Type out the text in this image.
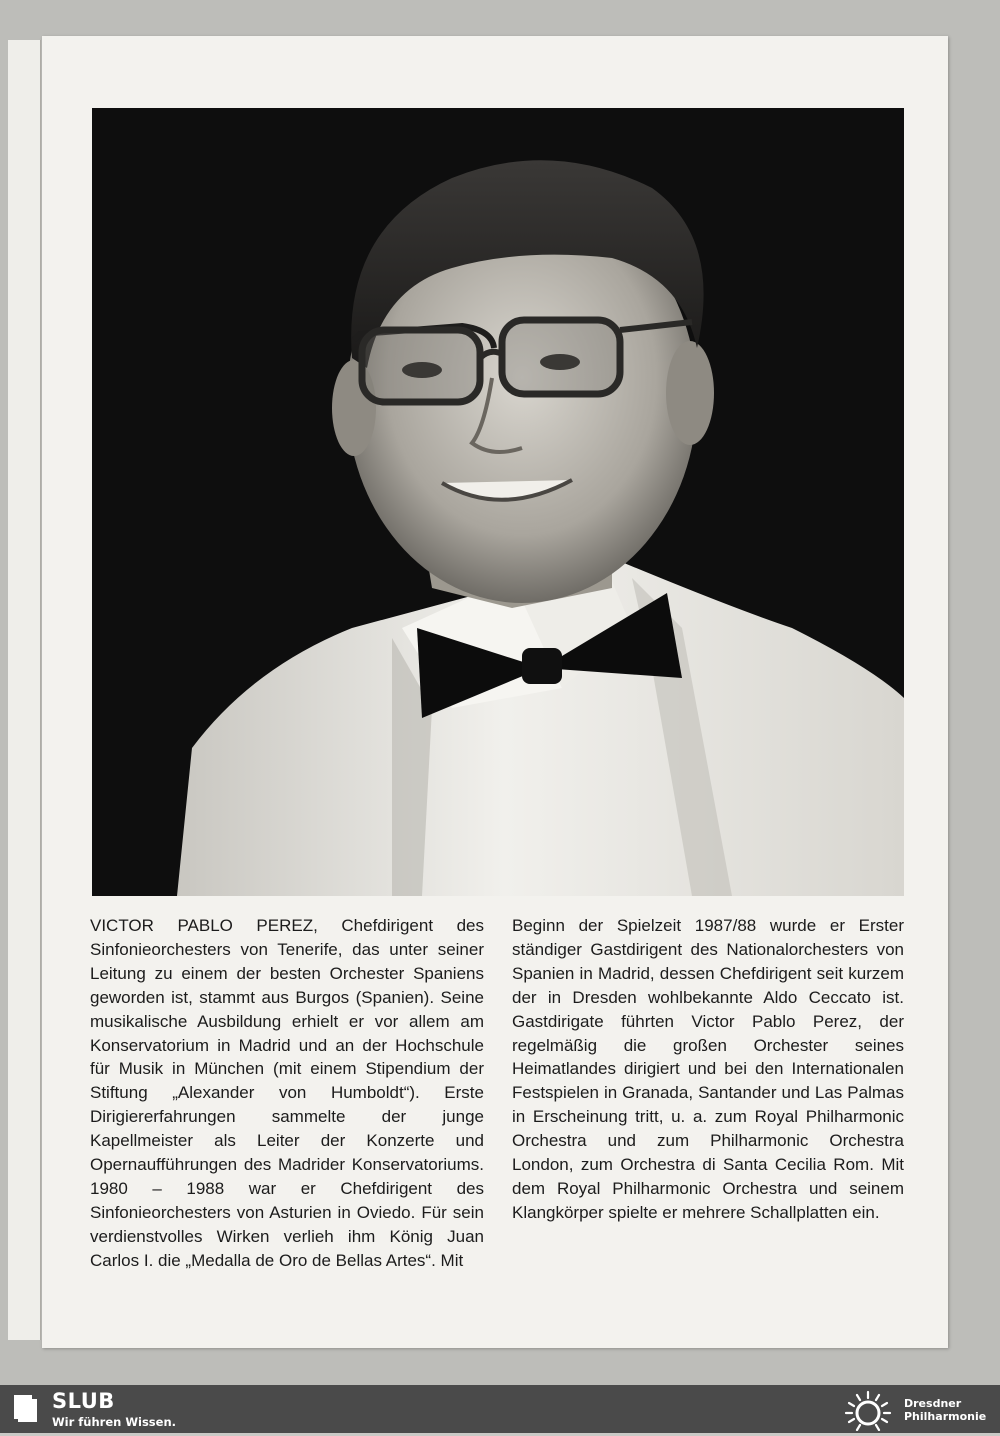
VICTOR PABLO PEREZ, Chefdirigent des Sinfonieorchesters von Tenerife, das unter seiner Leitung zu einem der besten Orchester Spaniens geworden ist, stammt aus Burgos (Spanien). Seine musikalische Ausbildung erhielt er vor allem am Konservatorium in Madrid und an der Hochschule für Musik in München (mit einem Stipendium der Stiftung „Alexander von Humboldt“). Erste Dirigiererfahrungen sammelte der junge Kapellmeister als Leiter der Konzerte und Opernaufführungen des Madrider Konservatoriums. 1980 – 1988 war er Chefdirigent des Sinfonieorchesters von Asturien in Oviedo. Für sein verdienstvolles Wirken verlieh ihm König Juan Carlos I. die „Medalla de Oro de Bellas Artes“. Mit
Beginn der Spielzeit 1987/88 wurde er Erster ständiger Gastdirigent des Nationalorchesters von Spanien in Madrid, dessen Chefdirigent seit kurzem der in Dresden wohlbekannte Aldo Ceccato ist. Gastdirigate führten Victor Pablo Perez, der regelmäßig die großen Orchester seines Heimatlandes dirigiert und bei den Internationalen Festspielen in Granada, Santander und Las Palmas in Erscheinung tritt, u. a. zum Royal Philharmonic Orchestra und zum Philharmonic Orchestra London, zum Orchestra di Santa Cecilia Rom. Mit dem Royal Philharmonic Orchestra und seinem Klangkörper spielte er mehrere Schallplatten ein.
SLUB
Wir führen Wissen.
Dresdner
Philharmonie
